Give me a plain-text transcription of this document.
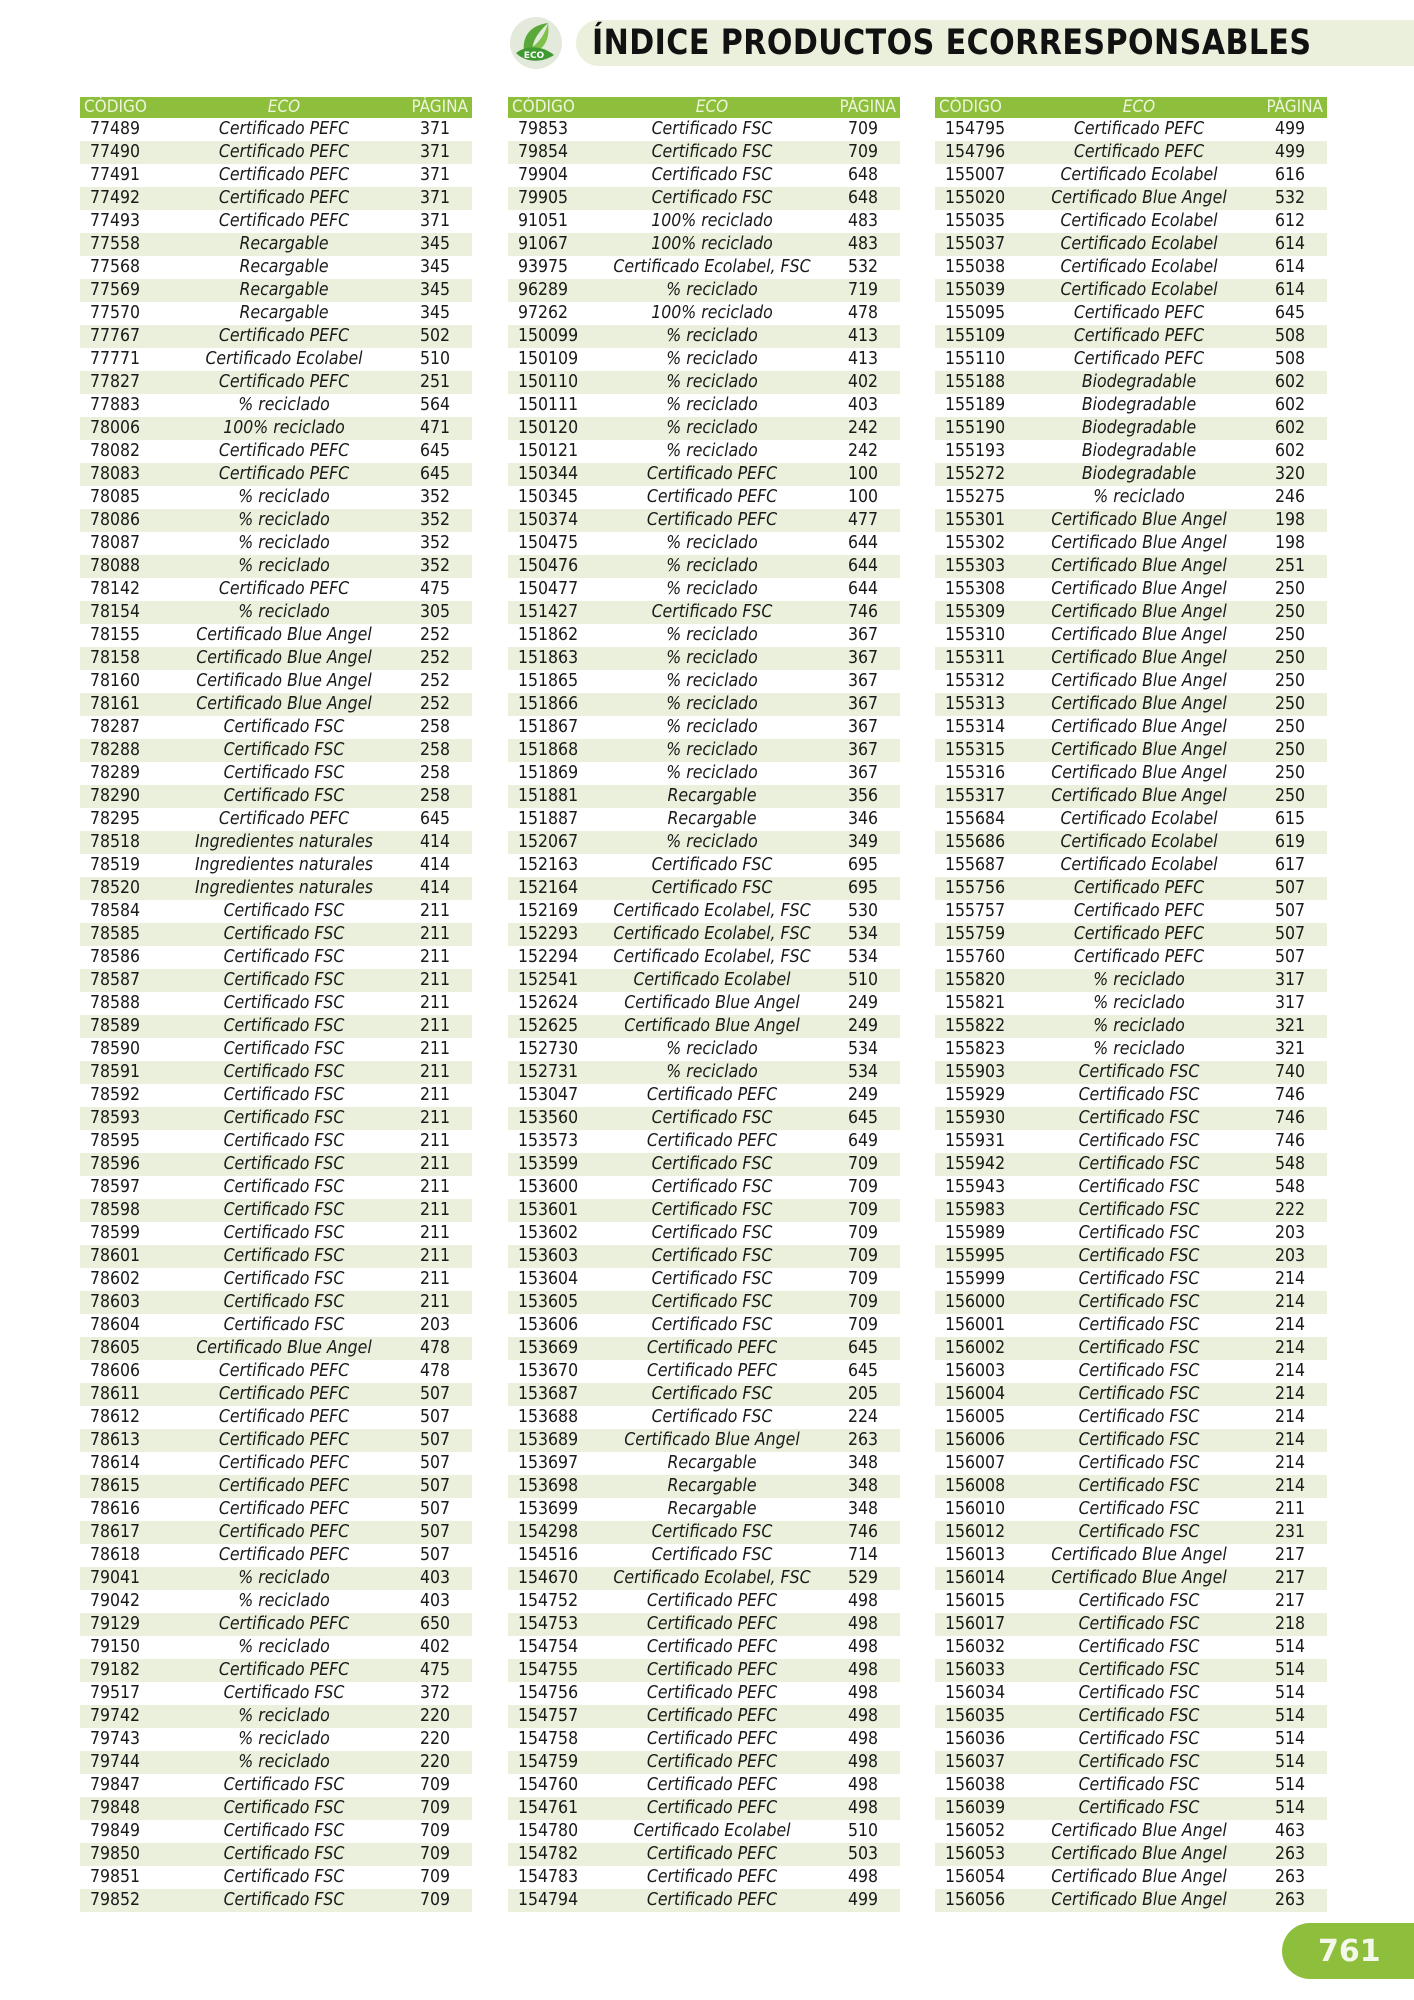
ECO ÍNDICE PRODUCTOS ECORRESPONSABLES
CÓDIGO	ECO	PÁGINA
77489	Certificado PEFC	371
77490	Certificado PEFC	371
77491	Certificado PEFC	371
77492	Certificado PEFC	371
77493	Certificado PEFC	371
77558	Recargable	345
77568	Recargable	345
77569	Recargable	345
77570	Recargable	345
77767	Certificado PEFC	502
77771	Certificado Ecolabel	510
77827	Certificado PEFC	251
77883	% reciclado	564
78006	100% reciclado	471
78082	Certificado PEFC	645
78083	Certificado PEFC	645
78085	% reciclado	352
78086	% reciclado	352
78087	% reciclado	352
78088	% reciclado	352
78142	Certificado PEFC	475
78154	% reciclado	305
78155	Certificado Blue Angel	252
78158	Certificado Blue Angel	252
78160	Certificado Blue Angel	252
78161	Certificado Blue Angel	252
78287	Certificado FSC	258
78288	Certificado FSC	258
78289	Certificado FSC	258
78290	Certificado FSC	258
78295	Certificado PEFC	645
78518	Ingredientes naturales	414
78519	Ingredientes naturales	414
78520	Ingredientes naturales	414
78584	Certificado FSC	211
78585	Certificado FSC	211
78586	Certificado FSC	211
78587	Certificado FSC	211
78588	Certificado FSC	211
78589	Certificado FSC	211
78590	Certificado FSC	211
78591	Certificado FSC	211
78592	Certificado FSC	211
78593	Certificado FSC	211
78595	Certificado FSC	211
78596	Certificado FSC	211
78597	Certificado FSC	211
78598	Certificado FSC	211
78599	Certificado FSC	211
78601	Certificado FSC	211
78602	Certificado FSC	211
78603	Certificado FSC	211
78604	Certificado FSC	203
78605	Certificado Blue Angel	478
78606	Certificado PEFC	478
78611	Certificado PEFC	507
78612	Certificado PEFC	507
78613	Certificado PEFC	507
78614	Certificado PEFC	507
78615	Certificado PEFC	507
78616	Certificado PEFC	507
78617	Certificado PEFC	507
78618	Certificado PEFC	507
79041	% reciclado	403
79042	% reciclado	403
79129	Certificado PEFC	650
79150	% reciclado	402
79182	Certificado PEFC	475
79517	Certificado FSC	372
79742	% reciclado	220
79743	% reciclado	220
79744	% reciclado	220
79847	Certificado FSC	709
79848	Certificado FSC	709
79849	Certificado FSC	709
79850	Certificado FSC	709
79851	Certificado FSC	709
79852	Certificado FSC	709
CÓDIGO	ECO	PÁGINA
79853	Certificado FSC	709
79854	Certificado FSC	709
79904	Certificado FSC	648
79905	Certificado FSC	648
91051	100% reciclado	483
91067	100% reciclado	483
93975	Certificado Ecolabel, FSC	532
96289	% reciclado	719
97262	100% reciclado	478
150099	% reciclado	413
150109	% reciclado	413
150110	% reciclado	402
150111	% reciclado	403
150120	% reciclado	242
150121	% reciclado	242
150344	Certificado PEFC	100
150345	Certificado PEFC	100
150374	Certificado PEFC	477
150475	% reciclado	644
150476	% reciclado	644
150477	% reciclado	644
151427	Certificado FSC	746
151862	% reciclado	367
151863	% reciclado	367
151865	% reciclado	367
151866	% reciclado	367
151867	% reciclado	367
151868	% reciclado	367
151869	% reciclado	367
151881	Recargable	356
151887	Recargable	346
152067	% reciclado	349
152163	Certificado FSC	695
152164	Certificado FSC	695
152169	Certificado Ecolabel, FSC	530
152293	Certificado Ecolabel, FSC	534
152294	Certificado Ecolabel, FSC	534
152541	Certificado Ecolabel	510
152624	Certificado Blue Angel	249
152625	Certificado Blue Angel	249
152730	% reciclado	534
152731	% reciclado	534
153047	Certificado PEFC	249
153560	Certificado FSC	645
153573	Certificado PEFC	649
153599	Certificado FSC	709
153600	Certificado FSC	709
153601	Certificado FSC	709
153602	Certificado FSC	709
153603	Certificado FSC	709
153604	Certificado FSC	709
153605	Certificado FSC	709
153606	Certificado FSC	709
153669	Certificado PEFC	645
153670	Certificado PEFC	645
153687	Certificado FSC	205
153688	Certificado FSC	224
153689	Certificado Blue Angel	263
153697	Recargable	348
153698	Recargable	348
153699	Recargable	348
154298	Certificado FSC	746
154516	Certificado FSC	714
154670	Certificado Ecolabel, FSC	529
154752	Certificado PEFC	498
154753	Certificado PEFC	498
154754	Certificado PEFC	498
154755	Certificado PEFC	498
154756	Certificado PEFC	498
154757	Certificado PEFC	498
154758	Certificado PEFC	498
154759	Certificado PEFC	498
154760	Certificado PEFC	498
154761	Certificado PEFC	498
154780	Certificado Ecolabel	510
154782	Certificado PEFC	503
154783	Certificado PEFC	498
154794	Certificado PEFC	499
CÓDIGO	ECO	PÁGINA
154795	Certificado PEFC	499
154796	Certificado PEFC	499
155007	Certificado Ecolabel	616
155020	Certificado Blue Angel	532
155035	Certificado Ecolabel	612
155037	Certificado Ecolabel	614
155038	Certificado Ecolabel	614
155039	Certificado Ecolabel	614
155095	Certificado PEFC	645
155109	Certificado PEFC	508
155110	Certificado PEFC	508
155188	Biodegradable	602
155189	Biodegradable	602
155190	Biodegradable	602
155193	Biodegradable	602
155272	Biodegradable	320
155275	% reciclado	246
155301	Certificado Blue Angel	198
155302	Certificado Blue Angel	198
155303	Certificado Blue Angel	251
155308	Certificado Blue Angel	250
155309	Certificado Blue Angel	250
155310	Certificado Blue Angel	250
155311	Certificado Blue Angel	250
155312	Certificado Blue Angel	250
155313	Certificado Blue Angel	250
155314	Certificado Blue Angel	250
155315	Certificado Blue Angel	250
155316	Certificado Blue Angel	250
155317	Certificado Blue Angel	250
155684	Certificado Ecolabel	615
155686	Certificado Ecolabel	619
155687	Certificado Ecolabel	617
155756	Certificado PEFC	507
155757	Certificado PEFC	507
155759	Certificado PEFC	507
155760	Certificado PEFC	507
155820	% reciclado	317
155821	% reciclado	317
155822	% reciclado	321
155823	% reciclado	321
155903	Certificado FSC	740
155929	Certificado FSC	746
155930	Certificado FSC	746
155931	Certificado FSC	746
155942	Certificado FSC	548
155943	Certificado FSC	548
155983	Certificado FSC	222
155989	Certificado FSC	203
155995	Certificado FSC	203
155999	Certificado FSC	214
156000	Certificado FSC	214
156001	Certificado FSC	214
156002	Certificado FSC	214
156003	Certificado FSC	214
156004	Certificado FSC	214
156005	Certificado FSC	214
156006	Certificado FSC	214
156007	Certificado FSC	214
156008	Certificado FSC	214
156010	Certificado FSC	211
156012	Certificado FSC	231
156013	Certificado Blue Angel	217
156014	Certificado Blue Angel	217
156015	Certificado FSC	217
156017	Certificado FSC	218
156032	Certificado FSC	514
156033	Certificado FSC	514
156034	Certificado FSC	514
156035	Certificado FSC	514
156036	Certificado FSC	514
156037	Certificado FSC	514
156038	Certificado FSC	514
156039	Certificado FSC	514
156052	Certificado Blue Angel	463
156053	Certificado Blue Angel	263
156054	Certificado Blue Angel	263
156056	Certificado Blue Angel	263
761
